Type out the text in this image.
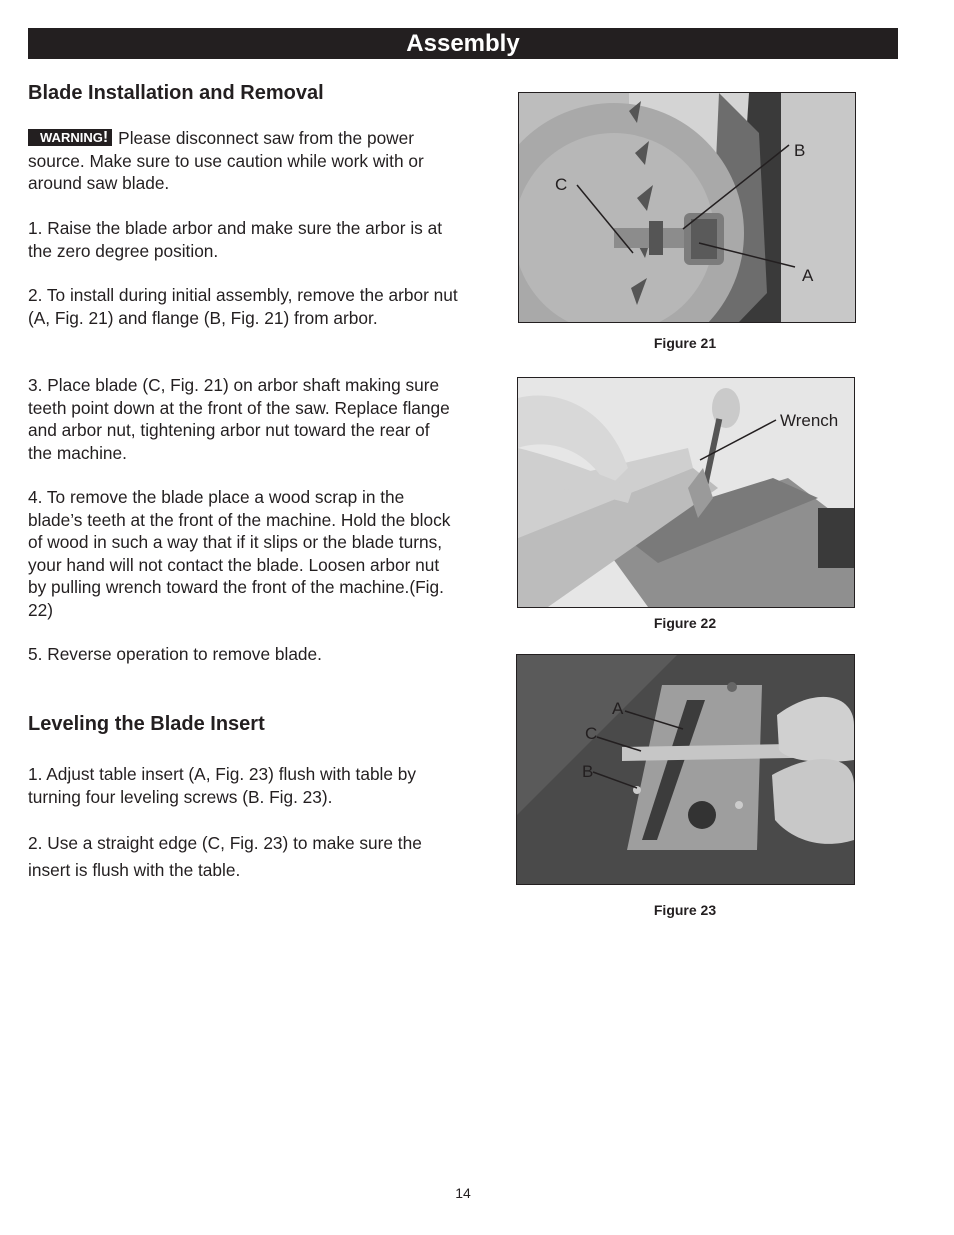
Assembly
Blade Installation and Removal

WARNING! Please disconnect saw from the power source. Make sure to use caution while work with or around saw blade.

1. Raise the blade arbor and make sure the arbor is at the zero degree position.

2. To install during initial assembly, remove the arbor nut (A, Fig. 21) and flange (B, Fig. 21) from arbor.

3. Place blade (C, Fig. 21) on arbor shaft making sure teeth point down at the front of the saw. Replace flange and arbor nut, tightening arbor nut toward the rear of the machine.

4. To remove the blade place a wood scrap in the blade’s teeth at the front of the machine. Hold the block of wood in such a way that if it slips or the blade turns, your hand will not contact the blade. Loosen arbor nut by pulling wrench toward the front of the machine.(Fig. 22)

5. Reverse operation to remove blade.

Leveling the Blade Insert

1. Adjust table insert (A, Fig. 23) flush with table by turning four leveling screws (B. Fig. 23).

2. Use a straight edge (C, Fig. 23) to make sure the insert is flush with the table.

C
B
A
Figure 21
Wrench
Figure 22
A
C
B
Figure 23
14
